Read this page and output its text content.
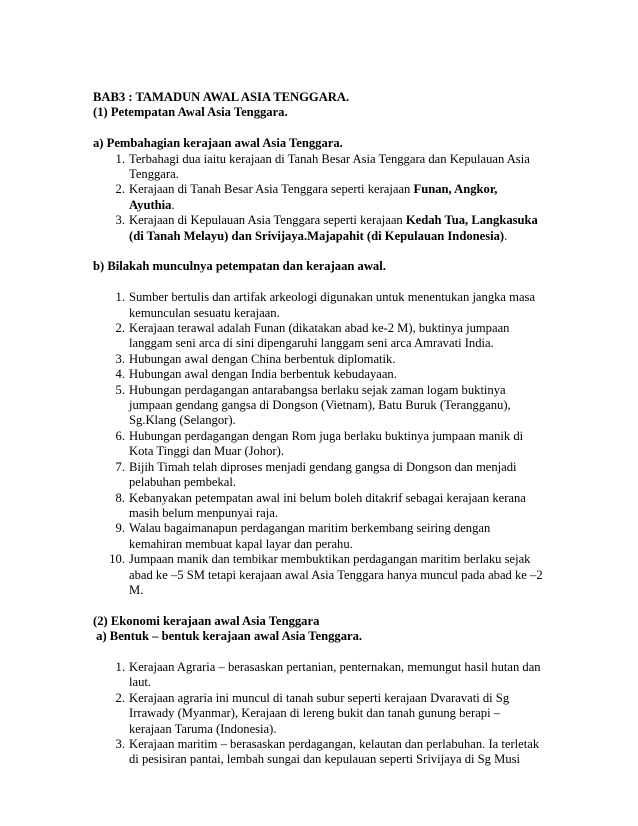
BAB3 : TAMADUN AWAL ASIA TENGGARA.
(1) Petempatan Awal Asia Tenggara.
a) Pembahagian kerajaan awal Asia Tenggara.
1. Terbahagi dua iaitu kerajaan di Tanah Besar Asia Tenggara dan Kepulauan Asia
Tenggara.
2. Kerajaan di Tanah Besar Asia Tenggara seperti kerajaan Funan, Angkor,
Ayuthia.
3. Kerajaan di Kepulauan Asia Tenggara seperti kerajaan Kedah Tua, Langkasuka
(di Tanah Melayu) dan Srivijaya.Majapahit (di Kepulauan Indonesia).
b) Bilakah munculnya petempatan dan kerajaan awal.
1. Sumber bertulis dan artifak arkeologi digunakan untuk menentukan jangka masa
kemunculan sesuatu kerajaan.
2. Kerajaan terawal adalah Funan (dikatakan abad ke-2 M), buktinya jumpaan
langgam seni arca di sini dipengaruhi langgam seni arca Amravati India.
3. Hubungan awal dengan China berbentuk diplomatik.
4. Hubungan awal dengan India berbentuk kebudayaan.
5. Hubungan perdagangan antarabangsa berlaku sejak zaman logam buktinya
jumpaan gendang gangsa di Dongson (Vietnam), Batu Buruk (Terangganu),
Sg.Klang (Selangor).
6. Hubungan perdagangan dengan Rom juga berlaku buktinya jumpaan manik di
Kota Tinggi dan Muar (Johor).
7. Bijih Timah telah diproses menjadi gendang gangsa di Dongson dan menjadi
pelabuhan pembekal.
8. Kebanyakan petempatan awal ini belum boleh ditakrif sebagai kerajaan kerana
masih belum menpunyai raja.
9. Walau bagaimanapun perdagangan maritim berkembang seiring dengan
kemahiran membuat kapal layar dan perahu.
10. Jumpaan manik dan tembikar membuktikan perdagangan maritim berlaku sejak
abad ke –5 SM tetapi kerajaan awal Asia Tenggara hanya muncul pada abad ke –2
M.
(2) Ekonomi kerajaan awal Asia Tenggara
a) Bentuk – bentuk kerajaan awal Asia Tenggara.
1. Kerajaan Agraria – berasaskan pertanian, penternakan, memungut hasil hutan dan
laut.
2. Kerajaan agraria ini muncul di tanah subur seperti kerajaan Dvaravati di Sg
Irrawady (Myanmar), Kerajaan di lereng bukit dan tanah gunung berapi –
kerajaan Taruma (Indonesia).
3. Kerajaan maritim – berasaskan perdagangan, kelautan dan perlabuhan. Ia terletak
di pesisiran pantai, lembah sungai dan kepulauan seperti Srivijaya di Sg Musi
